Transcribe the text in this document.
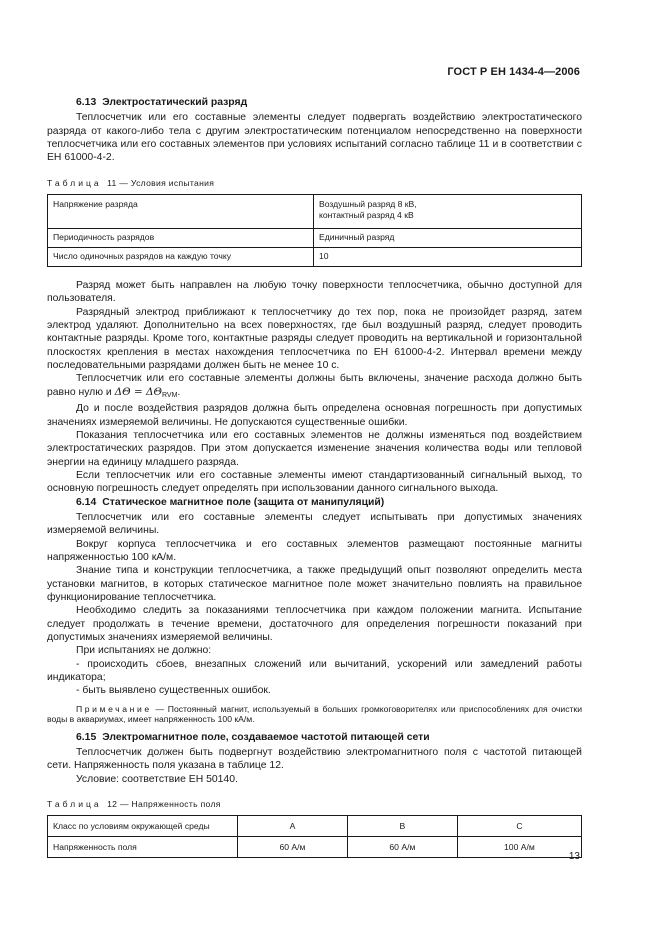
ГОСТ Р ЕН 1434-4—2006
6.13 Электростатический разряд

Теплосчетчик или его составные элементы следует подвергать воздействию электростатического разряда от какого-либо тела с другим электростатическим потенциалом непосредственно на поверхности теплосчетчика или его составных элементов при условиях испытаний согласно таблице 11 и в соответствии с ЕН 61000-4-2.

Таблица 11 — Условия испытания
Напряжение разряда	Воздушный разряд 8 кВ,
контактный разряд 4 кВ

Периодичность разрядов	Единичный разряд
Число одиночных разрядов на каждую точку	10

Разряд может быть направлен на любую точку поверхности теплосчетчика, обычно доступной для пользователя.

Разрядный электрод приближают к теплосчетчику до тех пор, пока не произойдет разряд, затем электрод удаляют. Дополнительно на всех поверхностях, где был воздушный разряд, следует проводить контактные разряды. Кроме того, контактные разряды следует проводить на вертикальной и горизонтальной плоскостях крепления в местах нахождения теплосчетчика по ЕН 61000-4-2. Интервал времени между последовательными разрядами должен быть не менее 10 с.

Теплосчетчик или его составные элементы должны быть включены, значение расхода должно быть равно нулю и $\Delta\Theta = \Delta\Theta_{RVM}$.

До и после воздействия разрядов должна быть определена основная погрешность при допустимых значениях измеряемой величины. Не допускаются существенные ошибки.

Показания теплосчетчика или его составных элементов не должны изменяться под воздействием электростатических разрядов. При этом допускается изменение значения количества воды или тепловой энергии на единицу младшего разряда.

Если теплосчетчик или его составные элементы имеют стандартизованный сигнальный выход, то основную погрешность следует определять при использовании данного сигнального выхода.

6.14 Статическое магнитное поле (защита от манипуляций)

Теплосчетчик или его составные элементы следует испытывать при допустимых значениях измеряемой величины.

Вокруг корпуса теплосчетчика и его составных элементов размещают постоянные магниты напряженностью 100 кА/м.

Знание типа и конструкции теплосчетчика, а также предыдущий опыт позволяют определить места установки магнитов, в которых статическое магнитное поле может значительно повлиять на правильное функционирование теплосчетчика.

Необходимо следить за показаниями теплосчетчика при каждом положении магнита. Испытание следует продолжать в течение времени, достаточного для определения погрешности показаний при допустимых значениях измеряемой величины.

При испытаниях не должно:

- происходить сбоев, внезапных сложений или вычитаний, ускорений или замедлений работы индикатора;

- быть выявлено существенных ошибок.

Примечание — Постоянный магнит, используемый в больших громкоговорителях или приспособлениях для очистки воды в аквариумах, имеет напряженность 100 кА/м.
6.15 Электромагнитное поле, создаваемое частотой питающей сети

Теплосчетчик должен быть подвергнут воздействию электромагнитного поля с частотой питающей сети. Напряженность поля указана в таблице 12.

Условие: соответствие ЕН 50140.

Таблица 12 — Напряженность поля
Класс по условиям окружающей среды	A	B	C
Напряженность поля	60 А/м	60 А/м	100 А/м
13
